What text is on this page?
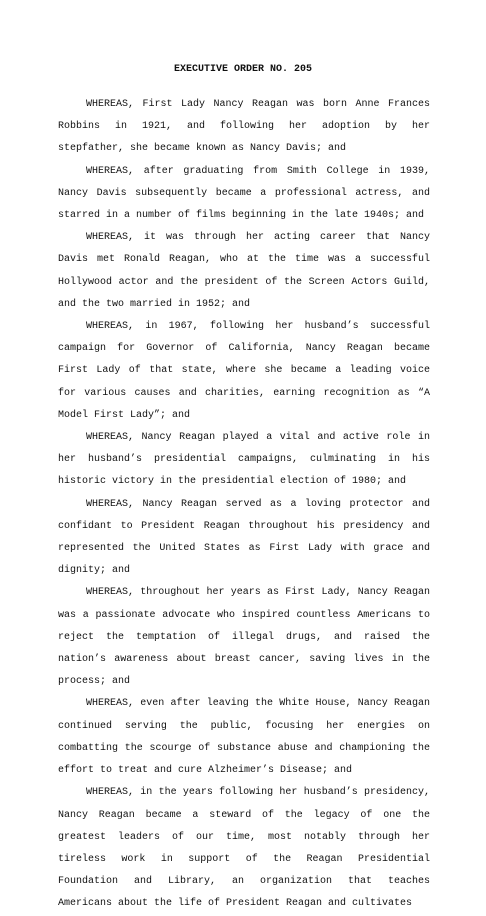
EXECUTIVE ORDER NO. 205

WHEREAS, First Lady Nancy Reagan was born Anne Frances Robbins in 1921, and following her adoption by her stepfather, she became known as Nancy Davis; and

WHEREAS, after graduating from Smith College in 1939, Nancy Davis subsequently became a professional actress, and starred in a number of films beginning in the late 1940s; and

WHEREAS, it was through her acting career that Nancy Davis met Ronald Reagan, who at the time was a successful Hollywood actor and the president of the Screen Actors Guild, and the two married in 1952; and

WHEREAS, in 1967, following her husband’s successful campaign for Governor of California, Nancy Reagan became First Lady of that state, where she became a leading voice for various causes and charities, earning recognition as “A Model First Lady”; and

WHEREAS, Nancy Reagan played a vital and active role in her husband’s presidential campaigns, culminating in his historic victory in the presidential election of 1980; and

WHEREAS, Nancy Reagan served as a loving protector and confidant to President Reagan throughout his presidency and represented the United States as First Lady with grace and dignity; and

WHEREAS, throughout her years as First Lady, Nancy Reagan was a passionate advocate who inspired countless Americans to reject the temptation of illegal drugs, and raised the nation’s awareness about breast cancer, saving lives in the process; and

WHEREAS, even after leaving the White House, Nancy Reagan continued serving the public, focusing her energies on combatting the scourge of substance abuse and championing the effort to treat and cure Alzheimer’s Disease; and

WHEREAS, in the years following her husband’s presidency, Nancy Reagan became a steward of the legacy of one the greatest leaders of our time, most notably through her tireless work in support of the Reagan Presidential Foundation and Library, an organization that teaches Americans about the life of President Reagan and cultivates
